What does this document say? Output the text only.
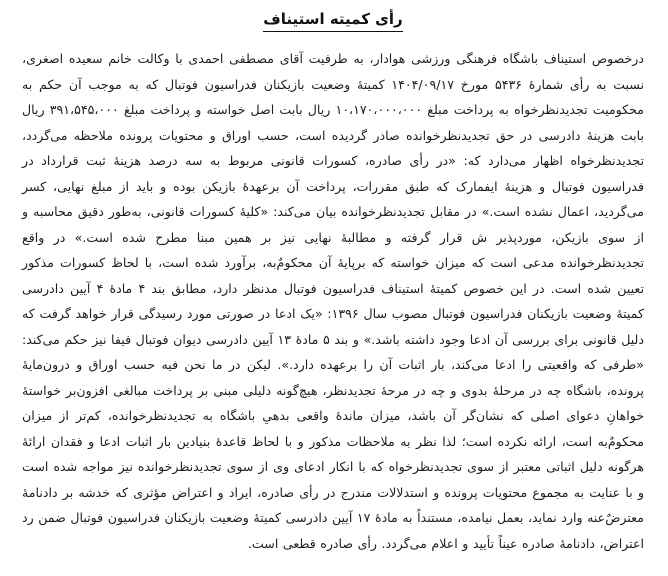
رأی کمیته استیناف

درخصوص استیناف باشگاه فرهنگی ورزشی هوادار، به طرفیت آقای مصطفی احمدی با وکالت خانم سعیده اصغری، نسبت به رأی شمارۀ ۵۴۳۶ مورخ ۱۴۰۴/۰۹/۱۷ کمیتۀ وضعیت بازیکنان فدراسیون فوتبال که به موجب آن حکم به محکومیت تجدیدنظرخواه به پرداخت مبلغ ۱۰،۱۷۰،۰۰۰،۰۰۰ ریال بابت اصل خواسته و پرداخت مبلغ ۳۹۱،۵۴۵،۰۰۰ ریال بابت هزینۀ دادرسی در حق تجدیدنظرخوانده صادر گردیده است، حسب اوراق و محتویات پرونده ملاحظه می‌گردد، تجدیدنظرخواه اظهار می‌دارد که: «در رأی صادره، کسورات قانونی مربوط به سه درصد هزینۀ ثبت قرارداد در فدراسیون فوتبال و هزینۀ ایفمارک که طبق مقررات، پرداخت آن برعهدۀ بازیکن بوده و باید از مبلغ نهایی، کسر می‌گردید، اعمال نشده است.» در مقابل تجدیدنظرخوانده بیان می‌کند: «کلیۀ کسورات قانونی، به‌طور دقیق محاسبه و از سوی بازیکن، موردپذیر ش قرار گرفته و مطالبۀ نهایی نیز بر همین مبنا مطرح شده است.» در واقع تجدیدنظرخوانده مدعی است که میزان خواسته که برپایۀ آن محکومٌ‌به، برآورد شده است، با لحاظ کسورات مذکور تعیین شده است. در این خصوص کمیتۀ استیناف فدراسیون فوتبال مدنظر دارد، مطابق بند ۴ مادۀ ۴ آیین دادرسی کمیتۀ وضعیت بازیکنان فدراسیون فوتبال مصوب سال ۱۳۹۶: «یک ادعا در صورتی مورد رسیدگی قرار خواهد گرفت که دلیل قانونی برای بررسی آن ادعا وجود داشته باشد.» و بند ۵ مادۀ ۱۳ آیین دادرسی دیوان فوتبال فیفا نیز حکم می‌کند: «طرفی که واقعیتی را ادعا می‌کند، بار اثبات آن را برعهده دارد.». لیکن در ما نحن فیه حسب اوراق و درون‌مایۀ پرونده، باشگاه چه در مرحلۀ بدوی و چه در مرحۀ تجدیدنظر، هیچ‌گونه دلیلی مبنی بر پرداخت مبالغی افزون‌بر خواستۀ خواهانِ دعوای اصلی که نشان‌گر آن باشد، میزان ماندۀ واقعی بدهیِ باشگاه به تجدیدنظرخوانده، کم‌تر از میزان محکومٌ‌به است، ارائه نکرده است؛ لذا نظر به ملاحظات مذکور و با لحاظ قاعدۀ بنیادین بار اثبات ادعا و فقدان ارائۀ هرگونه دلیل اثباتی معتبر از سوی تجدیدنظرخواه که با انکار ادعای وی از سوی تجدیدنظرخوانده نیز مواجه شده است و با عنایت به مجموع محتویات پرونده و استدلالات مندرج در رأی صادره، ایراد و اعتراض مؤثری که خدشه بر دادنامۀ معترضٌ‌عنه وارد نماید، بعمل نیامده، مستنداً به مادۀ ۱۷ آیین دادرسی کمیتۀ وضعیت بازیکنان فدراسیون فوتبال ضمن رد اعتراض، دادنامۀ صادره عیناً تأیید و اعلام می‌گردد. رأی صادره قطعی است.
